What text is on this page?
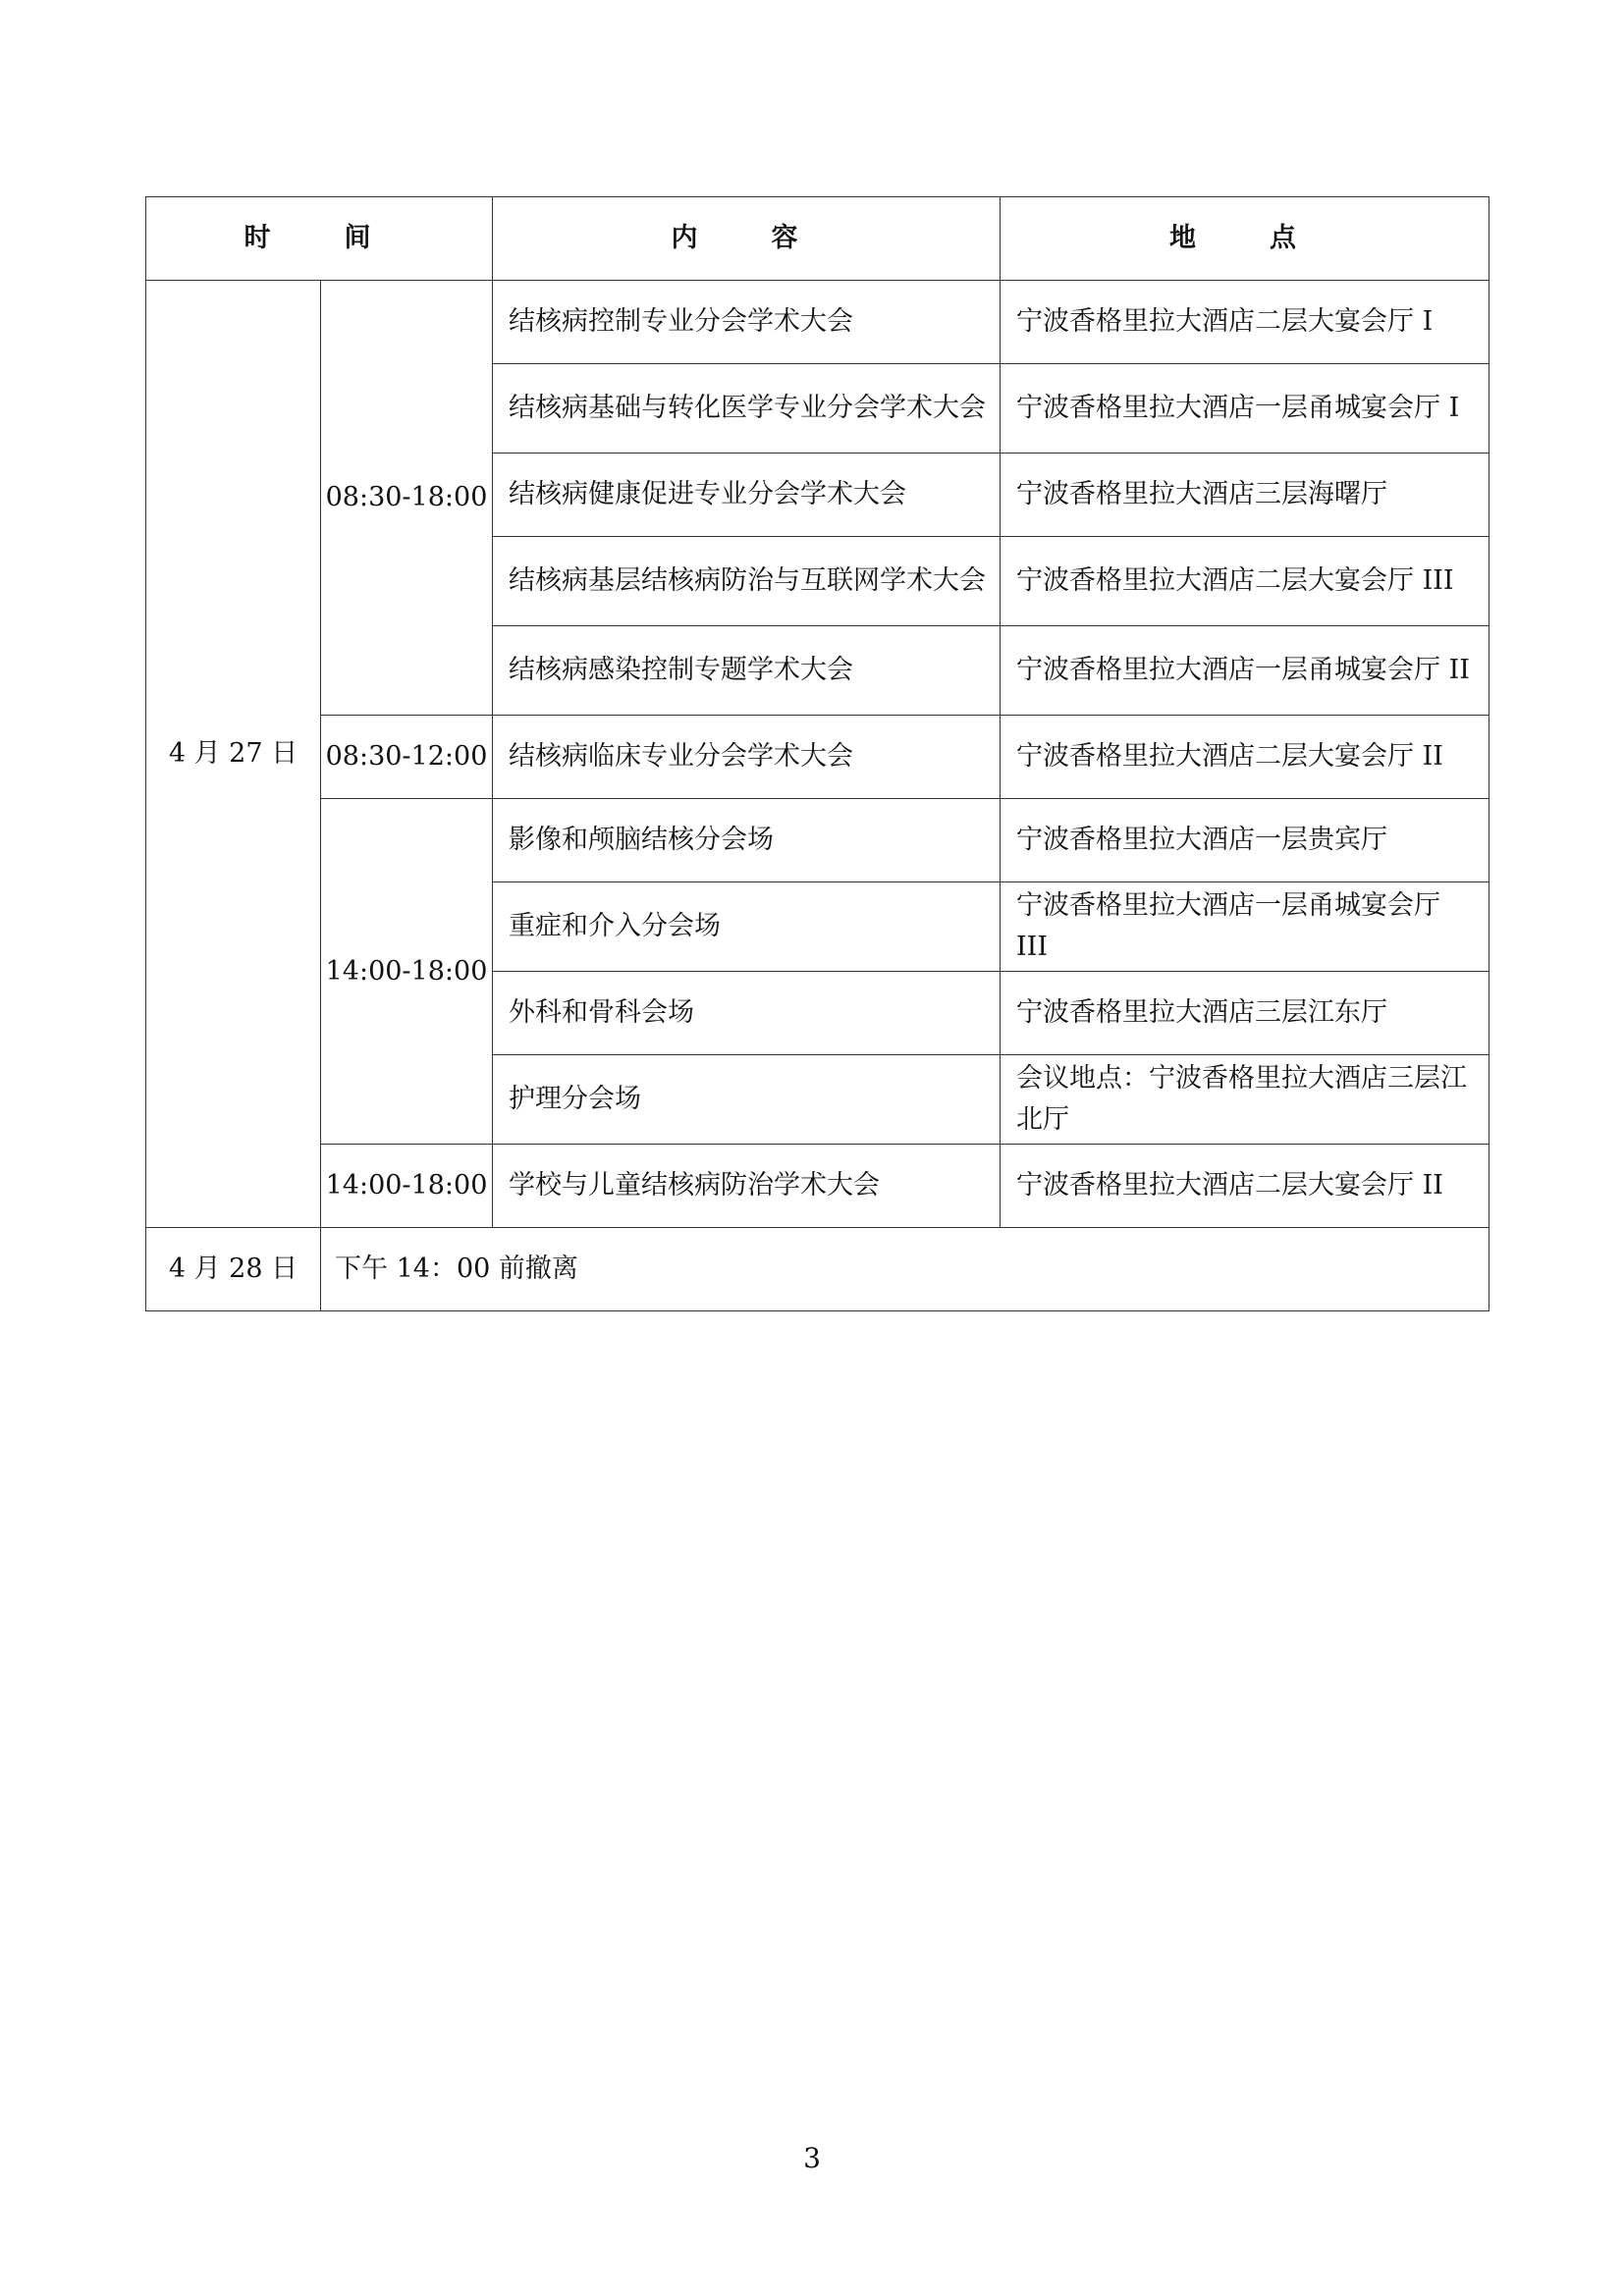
时　间		内　容	地　点
4 月 27 日	08:30-18:00	结核病控制专业分会学术大会	宁波香格里拉大酒店二层大宴会厅 I
		结核病基础与转化医学专业分会学术大会	宁波香格里拉大酒店一层甬城宴会厅 I
		结核病健康促进专业分会学术大会	宁波香格里拉大酒店三层海曙厅
		结核病基层结核病防治与互联网学术大会	宁波香格里拉大酒店二层大宴会厅 III
		结核病感染控制专题学术大会	宁波香格里拉大酒店一层甬城宴会厅 II
	08:30-12:00	结核病临床专业分会学术大会	宁波香格里拉大酒店二层大宴会厅 II
	14:00-18:00	影像和颅脑结核分会场	宁波香格里拉大酒店一层贵宾厅
		重症和介入分会场	宁波香格里拉大酒店一层甬城宴会厅 III
		外科和骨科会场	宁波香格里拉大酒店三层江东厅
		护理分会场	会议地点：宁波香格里拉大酒店三层江北厅
	14:00-18:00	学校与儿童结核病防治学术大会	宁波香格里拉大酒店二层大宴会厅 II
4 月 28 日	下午 14：00 前撤离		
3
